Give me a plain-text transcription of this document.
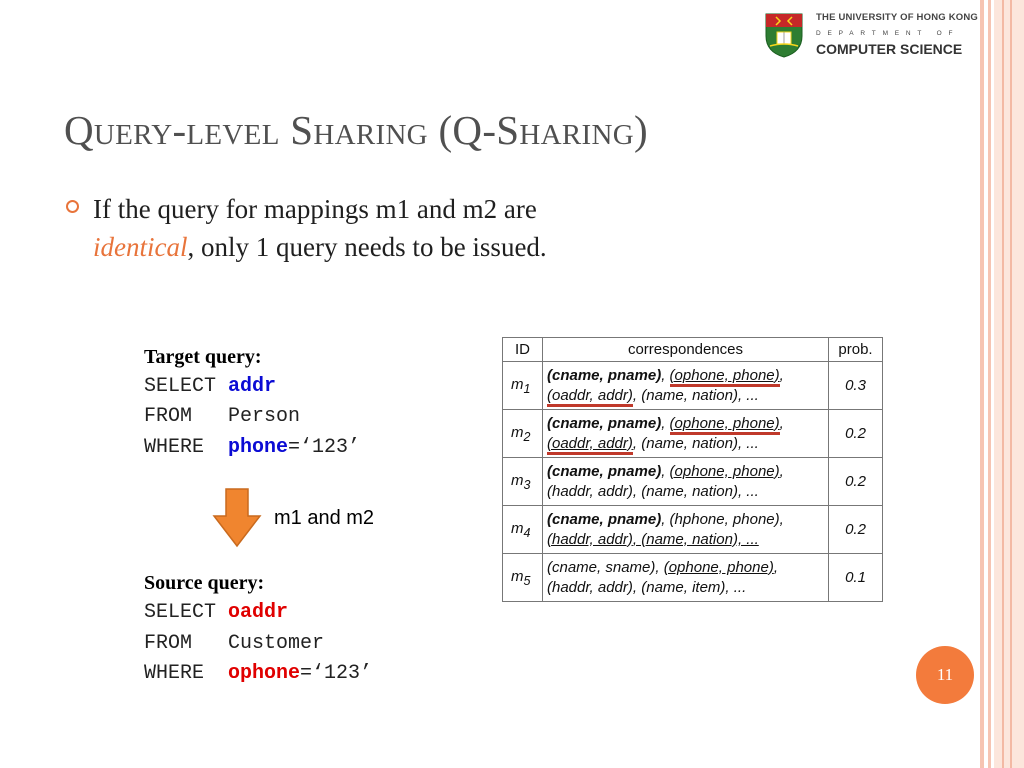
THE UNIVERSITY OF HONG KONG
DEPARTMENT OF
COMPUTER SCIENCE
Query-level Sharing (Q-Sharing)
If the query for mappings m1 and m2 are
identical, only 1 query needs to be issued.
Target query:
SELECT addr
FROM   Person
WHERE  phone=‘123’
m1 and m2
Source query:
SELECT oaddr
FROM   Customer
WHERE  ophone=‘123’
ID	correspondences	prob.
$m_1$	(cname, pname), (ophone, phone),
(oaddr, addr), (name, nation), ...	0.3
$m_2$	(cname, pname), (ophone, phone),
(oaddr, addr), (name, nation), ...	0.2
$m_3$	(cname, pname), (ophone, phone),
(haddr, addr), (name, nation), ...	0.2
$m_4$	(cname, pname), (hphone, phone),
(haddr, addr), (name, nation), ...	0.2
$m_5$	(cname, sname), (ophone, phone),
(haddr, addr), (name, item), ...	0.1
11
